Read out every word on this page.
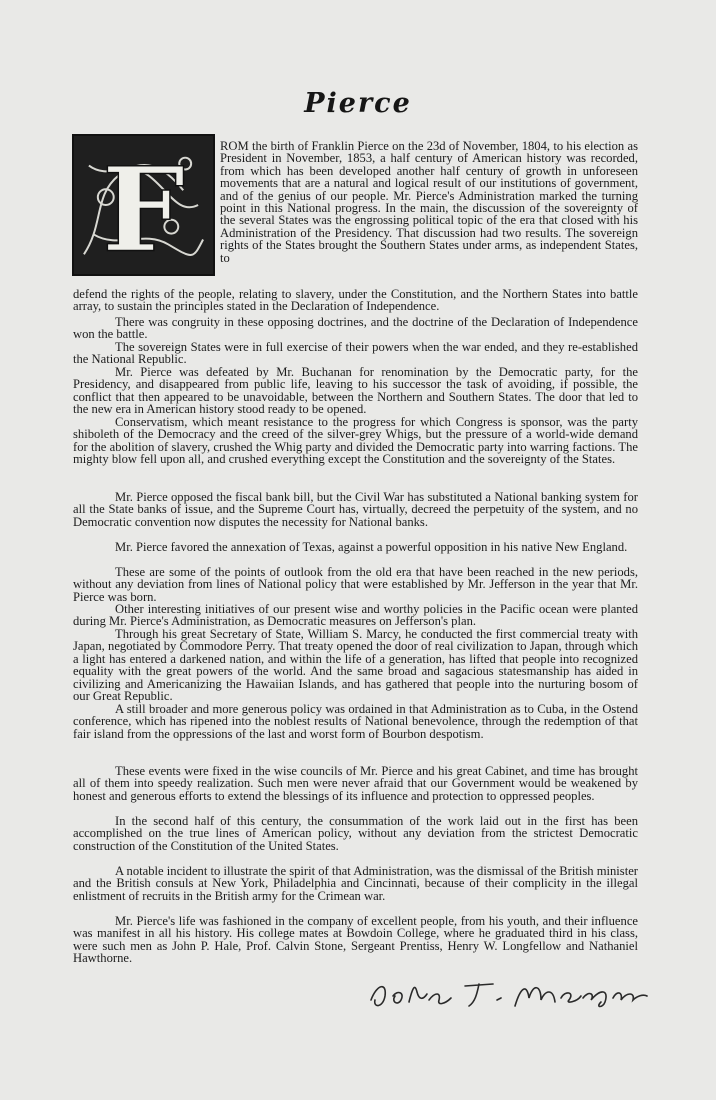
Pierce
F	ROM the birth of Franklin Pierce on the 23d of November, 1804, to his election as President in November, 1853, a half century of American history was recorded, from which has been developed another half century of growth in unforeseen movements that are a natural and logical result of our institutions of government, and of the genius of our people. Mr. Pierce's Administration marked the turning point in this National progress. In the main, the discussion of the sovereignty of the several States was the engrossing political topic of the era that closed with his Administration of the Presidency. That discussion had two results. The sovereign rights of the States brought the Southern States under arms, as independent States, to

defend the rights of the people, relating to slavery, under the Constitution, and the Northern States into battle array, to sustain the principles stated in the Declaration of Independence.

There was congruity in these opposing doctrines, and the doctrine of the Declaration of Independence won the battle.

The sovereign States were in full exercise of their powers when the war ended, and they re-established the National Republic.

Mr. Pierce was defeated by Mr. Buchanan for renomination by the Democratic party, for the Presidency, and disappeared from public life, leaving to his successor the task of avoiding, if possible, the conflict that then appeared to be unavoidable, between the Northern and Southern States. The door that led to the new era in American history stood ready to be opened.

Conservatism, which meant resistance to the progress for which Congress is sponsor, was the party shiboleth of the Democracy and the creed of the silver-grey Whigs, but the pressure of a world-wide demand for the abolition of slavery, crushed the Whig party and divided the Democratic party into warring factions. The mighty blow fell upon all, and crushed everything except the Constitution and the sovereignty of the States.

Mr. Pierce opposed the fiscal bank bill, but the Civil War has substituted a National banking system for all the State banks of issue, and the Supreme Court has, virtually, decreed the perpetuity of the system, and no Democratic convention now disputes the necessity for National banks.

Mr. Pierce favored the annexation of Texas, against a powerful opposition in his native New England.

These are some of the points of outlook from the old era that have been reached in the new periods, without any deviation from lines of National policy that were established by Mr. Jefferson in the year that Mr. Pierce was born.

Other interesting initiatives of our present wise and worthy policies in the Pacific ocean were planted during Mr. Pierce's Administration, as Democratic measures on Jefferson's plan.

Through his great Secretary of State, William S. Marcy, he conducted the first commercial treaty with Japan, negotiated by Commodore Perry. That treaty opened the door of real civilization to Japan, through which a light has entered a darkened nation, and within the life of a generation, has lifted that people into recognized equality with the great powers of the world. And the same broad and sagacious statesmanship has aided in civilizing and Americanizing the Hawaiian Islands, and has gathered that people into the nurturing bosom of our Great Republic.

A still broader and more generous policy was ordained in that Administration as to Cuba, in the Ostend conference, which has ripened into the noblest results of National benevolence, through the redemption of that fair island from the oppressions of the last and worst form of Bourbon despotism.

These events were fixed in the wise councils of Mr. Pierce and his great Cabinet, and time has brought all of them into speedy realization. Such men were never afraid that our Government would be weakened by honest and generous efforts to extend the blessings of its influence and protection to oppressed peoples.

In the second half of this century, the consummation of the work laid out in the first has been accomplished on the true lines of American policy, without any deviation from the strictest Democratic construction of the Constitution of the United States.

A notable incident to illustrate the spirit of that Administration, was the dismissal of the British minister and the British consuls at New York, Philadelphia and Cincinnati, because of their complicity in the illegal enlistment of recruits in the British army for the Crimean war.

Mr. Pierce's life was fashioned in the company of excellent people, from his youth, and their influence was manifest in all his history. His college mates at Bowdoin College, where he graduated third in his class, were such men as John P. Hale, Prof. Calvin Stone, Sergeant Prentiss, Henry W. Longfellow and Nathaniel Hawthorne.
